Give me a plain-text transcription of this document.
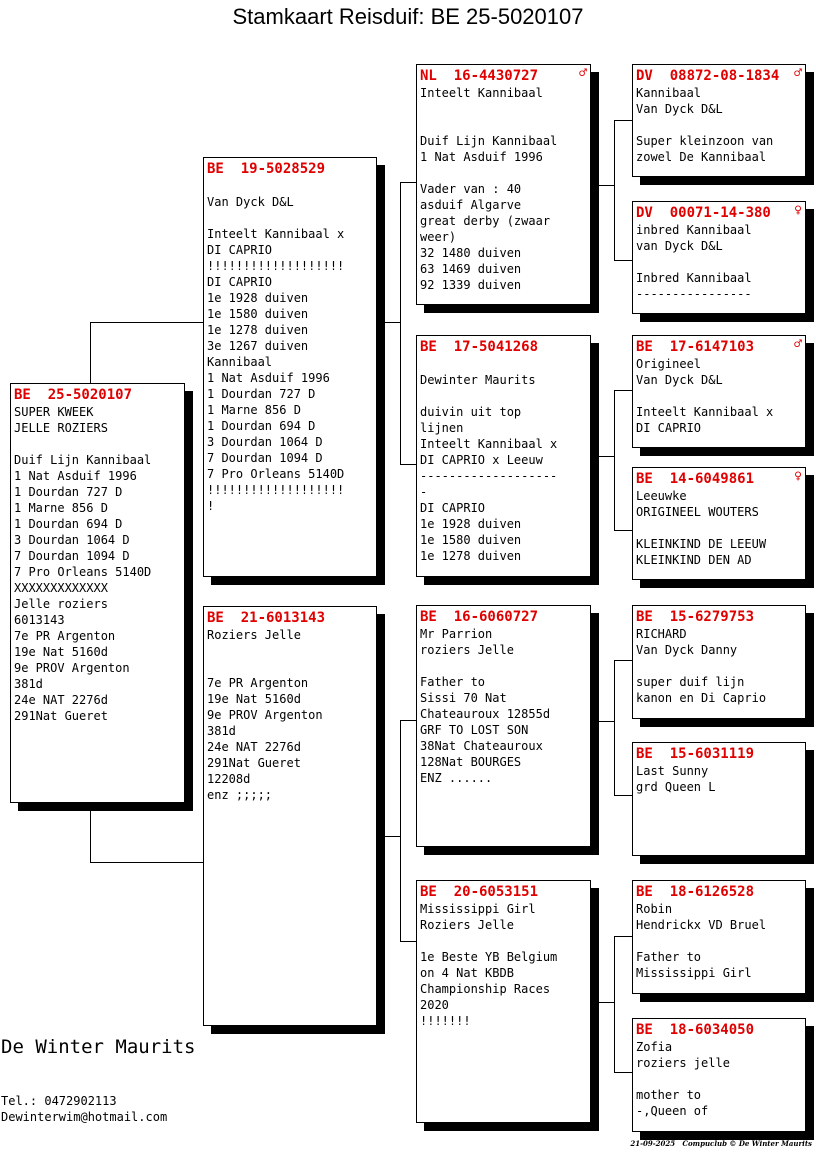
Stamkaart Reisduif: BE 25-5020107
BE  25-5020107
SUPER KWEEK
JELLE ROZIERS

Duif Lijn Kannibaal
1 Nat Asduif 1996
1 Dourdan 727 D
1 Marne 856 D
1 Dourdan 694 D
3 Dourdan 1064 D
7 Dourdan 1094 D
7 Pro Orleans 5140D
XXXXXXXXXXXXX
Jelle roziers
6013143
7e PR Argenton
19e Nat 5160d
9e PROV Argenton
381d
24e NAT 2276d
291Nat Gueret
BE  19-5028529

Van Dyck D&L

Inteelt Kannibaal x
DI CAPRIO
!!!!!!!!!!!!!!!!!!!
DI CAPRIO
1e 1928 duiven
1e 1580 duiven
1e 1278 duiven
3e 1267 duiven
Kannibaal
1 Nat Asduif 1996
1 Dourdan 727 D
1 Marne 856 D
1 Dourdan 694 D
3 Dourdan 1064 D
7 Dourdan 1094 D
7 Pro Orleans 5140D
!!!!!!!!!!!!!!!!!!!
!
BE  21-6013143
Roziers Jelle

7e PR Argenton
19e Nat 5160d
9e PROV Argenton
381d
24e NAT 2276d
291Nat Gueret
12208d
enz ;;;;;
NL  16-4430727	♂
Inteelt Kannibaal

Duif Lijn Kannibaal
1 Nat Asduif 1996

Vader van : 40
asduif Algarve
great derby (zwaar
weer)
32 1480 duiven
63 1469 duiven
92 1339 duiven
BE  17-5041268

Dewinter Maurits

duivin uit top
lijnen
Inteelt Kannibaal x
DI CAPRIO x Leeuw
-------------------
-
DI CAPRIO
1e 1928 duiven
1e 1580 duiven
1e 1278 duiven
BE  16-6060727
Mr Parrion
roziers Jelle

Father to
Sissi 70 Nat
Chateauroux 12855d
GRF TO LOST SON
38Nat Chateauroux
128Nat BOURGES
ENZ ......
BE  20-6053151
Mississippi Girl
Roziers Jelle

1e Beste YB Belgium
on 4 Nat KBDB
Championship Races
2020
!!!!!!!
DV  08872-08-1834 ♂
Kannibaal
Van Dyck D&L

Super kleinzoon van
zowel De Kannibaal
DV  00071-14-380 ♀
inbred Kannibaal
van Dyck D&L

Inbred Kannibaal
----------------
BE  17-6147103	♂
Origineel
Van Dyck D&L

Inteelt Kannibaal x
DI CAPRIO
BE  14-6049861	♀
Leeuwke
ORIGINEEL WOUTERS

KLEINKIND DE LEEUW
KLEINKIND DEN AD
BE  15-6279753
RICHARD
Van Dyck Danny

super duif lijn
kanon en Di Caprio
BE  15-6031119
Last Sunny
grd Queen L
BE  18-6126528
Robin
Hendrickx VD Bruel

Father to
Mississippi Girl
BE  18-6034050
Zofia
roziers jelle

mother to
-,Queen of
De Winter Maurits
Tel.: 0472902113
Dewinterwim@hotmail.com
21-09-2025   Compuclub © De Winter Maurits
